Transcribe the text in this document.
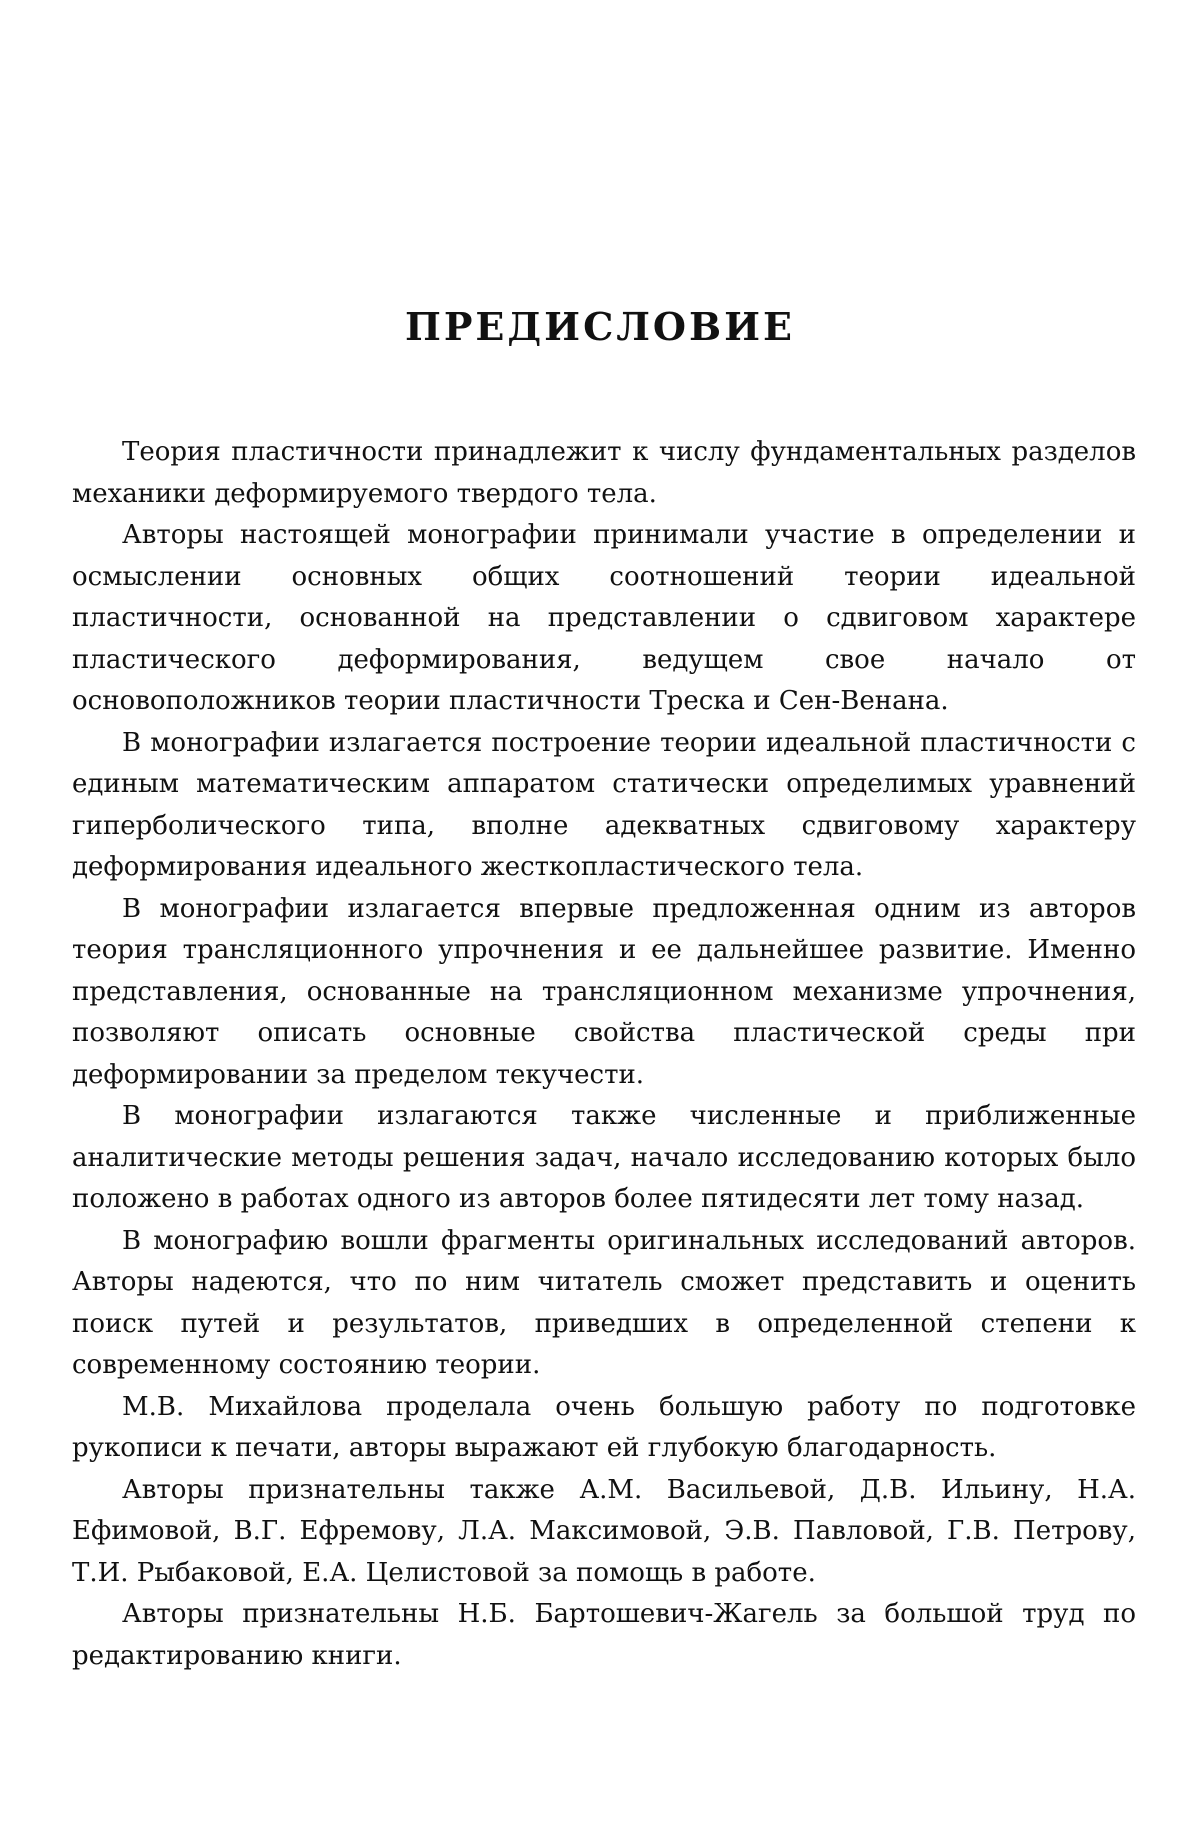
ПРЕДИСЛОВИЕ

Теория пластичности принадлежит к числу фундаментальных разделов механики деформируемого твердого тела.

Авторы настоящей монографии принимали участие в определении и осмыслении основных общих соотношений теории идеальной пластичности, основанной на представлении о сдвиговом характере пластического деформирования, ведущем свое начало от основоположников теории пластичности Треска и Сен-Венана.

В монографии излагается построение теории идеальной пластичности с единым математическим аппаратом статически определимых уравнений гиперболического типа, вполне адекватных сдвиговому характеру деформирования идеального жесткопластического тела.

В монографии излагается впервые предложенная одним из авторов теория трансляционного упрочнения и ее дальнейшее развитие. Именно представления, основанные на трансляционном механизме упрочнения, позволяют описать основные свойства пластической среды при деформировании за пределом текучести.

В монографии излагаются также численные и приближенные аналитические методы решения задач, начало исследованию которых было положено в работах одного из авторов более пятидесяти лет тому назад.

В монографию вошли фрагменты оригинальных исследований авторов. Авторы надеются, что по ним читатель сможет представить и оценить поиск путей и результатов, приведших в определенной степени к современному состоянию теории.

М.В. Михайлова проделала очень большую работу по подготовке рукописи к печати, авторы выражают ей глубокую благодарность.

Авторы признательны также А.М. Васильевой, Д.В. Ильину, Н.А. Ефимовой, В.Г. Ефремову, Л.А. Максимовой, Э.В. Павловой, Г.В. Петрову, Т.И. Рыбаковой, Е.А. Целистовой за помощь в работе.

Авторы признательны Н.Б. Бартошевич-Жагель за большой труд по редактированию книги.
